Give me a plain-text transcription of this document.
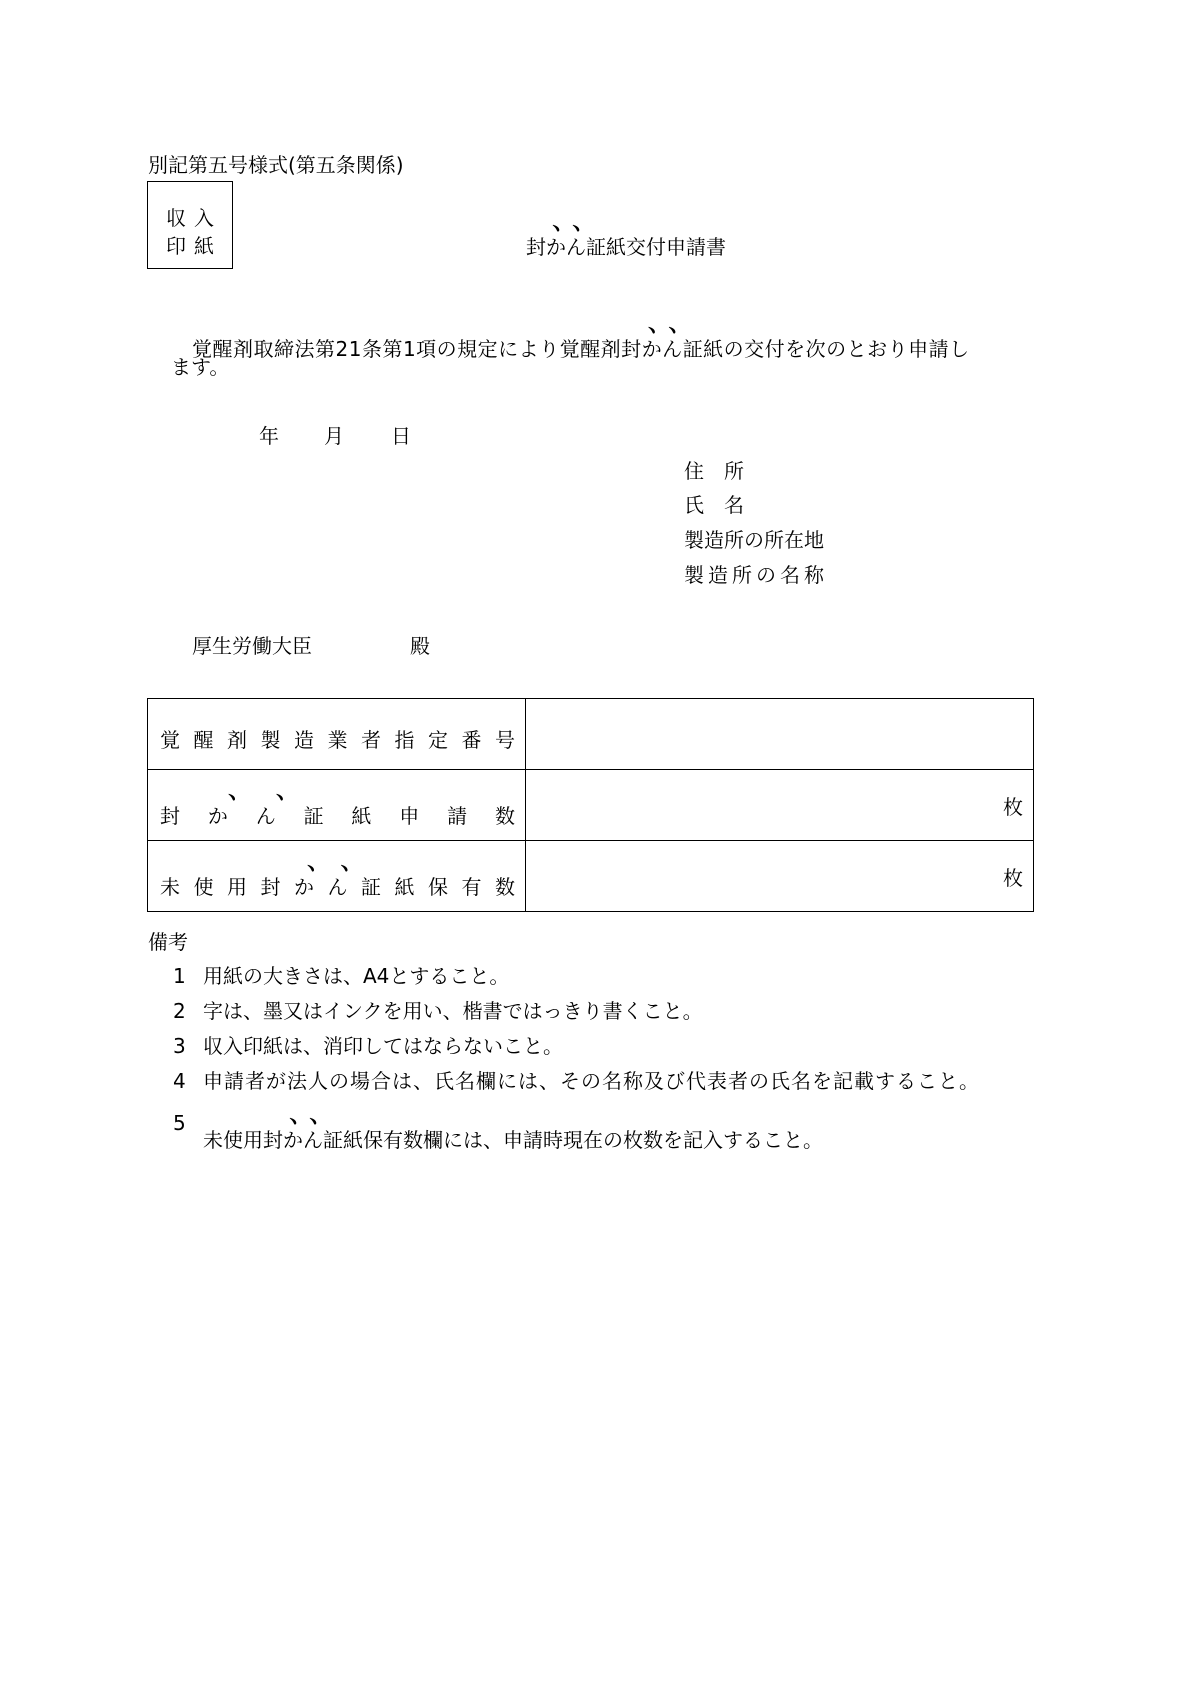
別記第五号様式(第五条関係)
収入
印紙	封かん証紙交付申請書
覚醒剤取締法第21条第1項の規定により覚醒剤封かん証紙の交付を次のとおり申請し
ます。
年 月 日
住　所
氏　名
製造所の所在地
製造所の名称
厚生労働大臣	殿
覚醒剤製造業者指定番号	
封かん証紙申請数	枚
未使用封かん証紙保有数	枚
備考
1 用紙の大きさは、A4とすること。
2 字は、墨又はインクを用い、楷書ではっきり書くこと。
3 収入印紙は、消印してはならないこと。
4 申請者が法人の場合は、氏名欄には、その名称及び代表者の氏名を記載すること。
5
未使用封かん証紙保有数欄には、申請時現在の枚数を記入すること。
